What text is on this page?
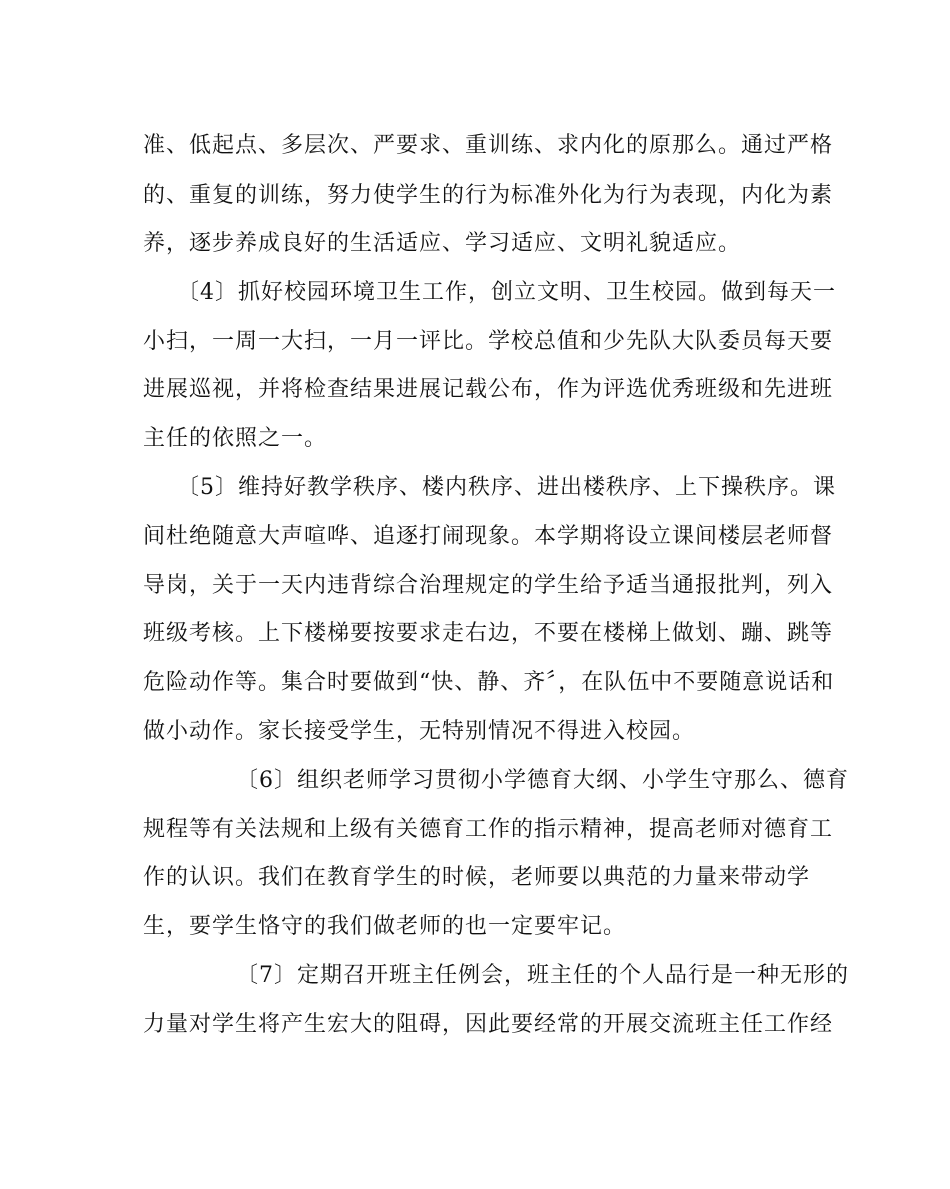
准、低起点、多层次、严要求、重训练、求内化的原那么。通过严格

的、重复的训练，努力使学生的行为标准外化为行为表现，内化为素

养，逐步养成良好的生活适应、学习适应、文明礼貌适应。

〔4〕抓好校园环境卫生工作，创立文明、卫生校园。做到每天一

小扫，一周一大扫，一月一评比。学校总值和少先队大队委员每天要

进展巡视，并将检查结果进展记载公布，作为评选优秀班级和先进班

主任的依照之一。

〔5〕维持好教学秩序、楼内秩序、进出楼秩序、上下操秩序。课

间杜绝随意大声喧哗、追逐打闹现象。本学期将设立课间楼层老师督

导岗，关于一天内违背综合治理规定的学生给予适当通报批判，列入

班级考核。上下楼梯要按要求走右边，不要在楼梯上做划、蹦、跳等

危险动作等。集合时要做到“快、静、齐〞，在队伍中不要随意说话和

做小动作。家长接受学生，无特别情况不得进入校园。

〔6〕组织老师学习贯彻小学德育大纲、小学生守那么、德育

规程等有关法规和上级有关德育工作的指示精神，提高老师对德育工

作的认识。我们在教育学生的时候，老师要以典范的力量来带动学

生，要学生恪守的我们做老师的也一定要牢记。

〔7〕定期召开班主任例会，班主任的个人品行是一种无形的

力量对学生将产生宏大的阻碍，因此要经常的开展交流班主任工作经
